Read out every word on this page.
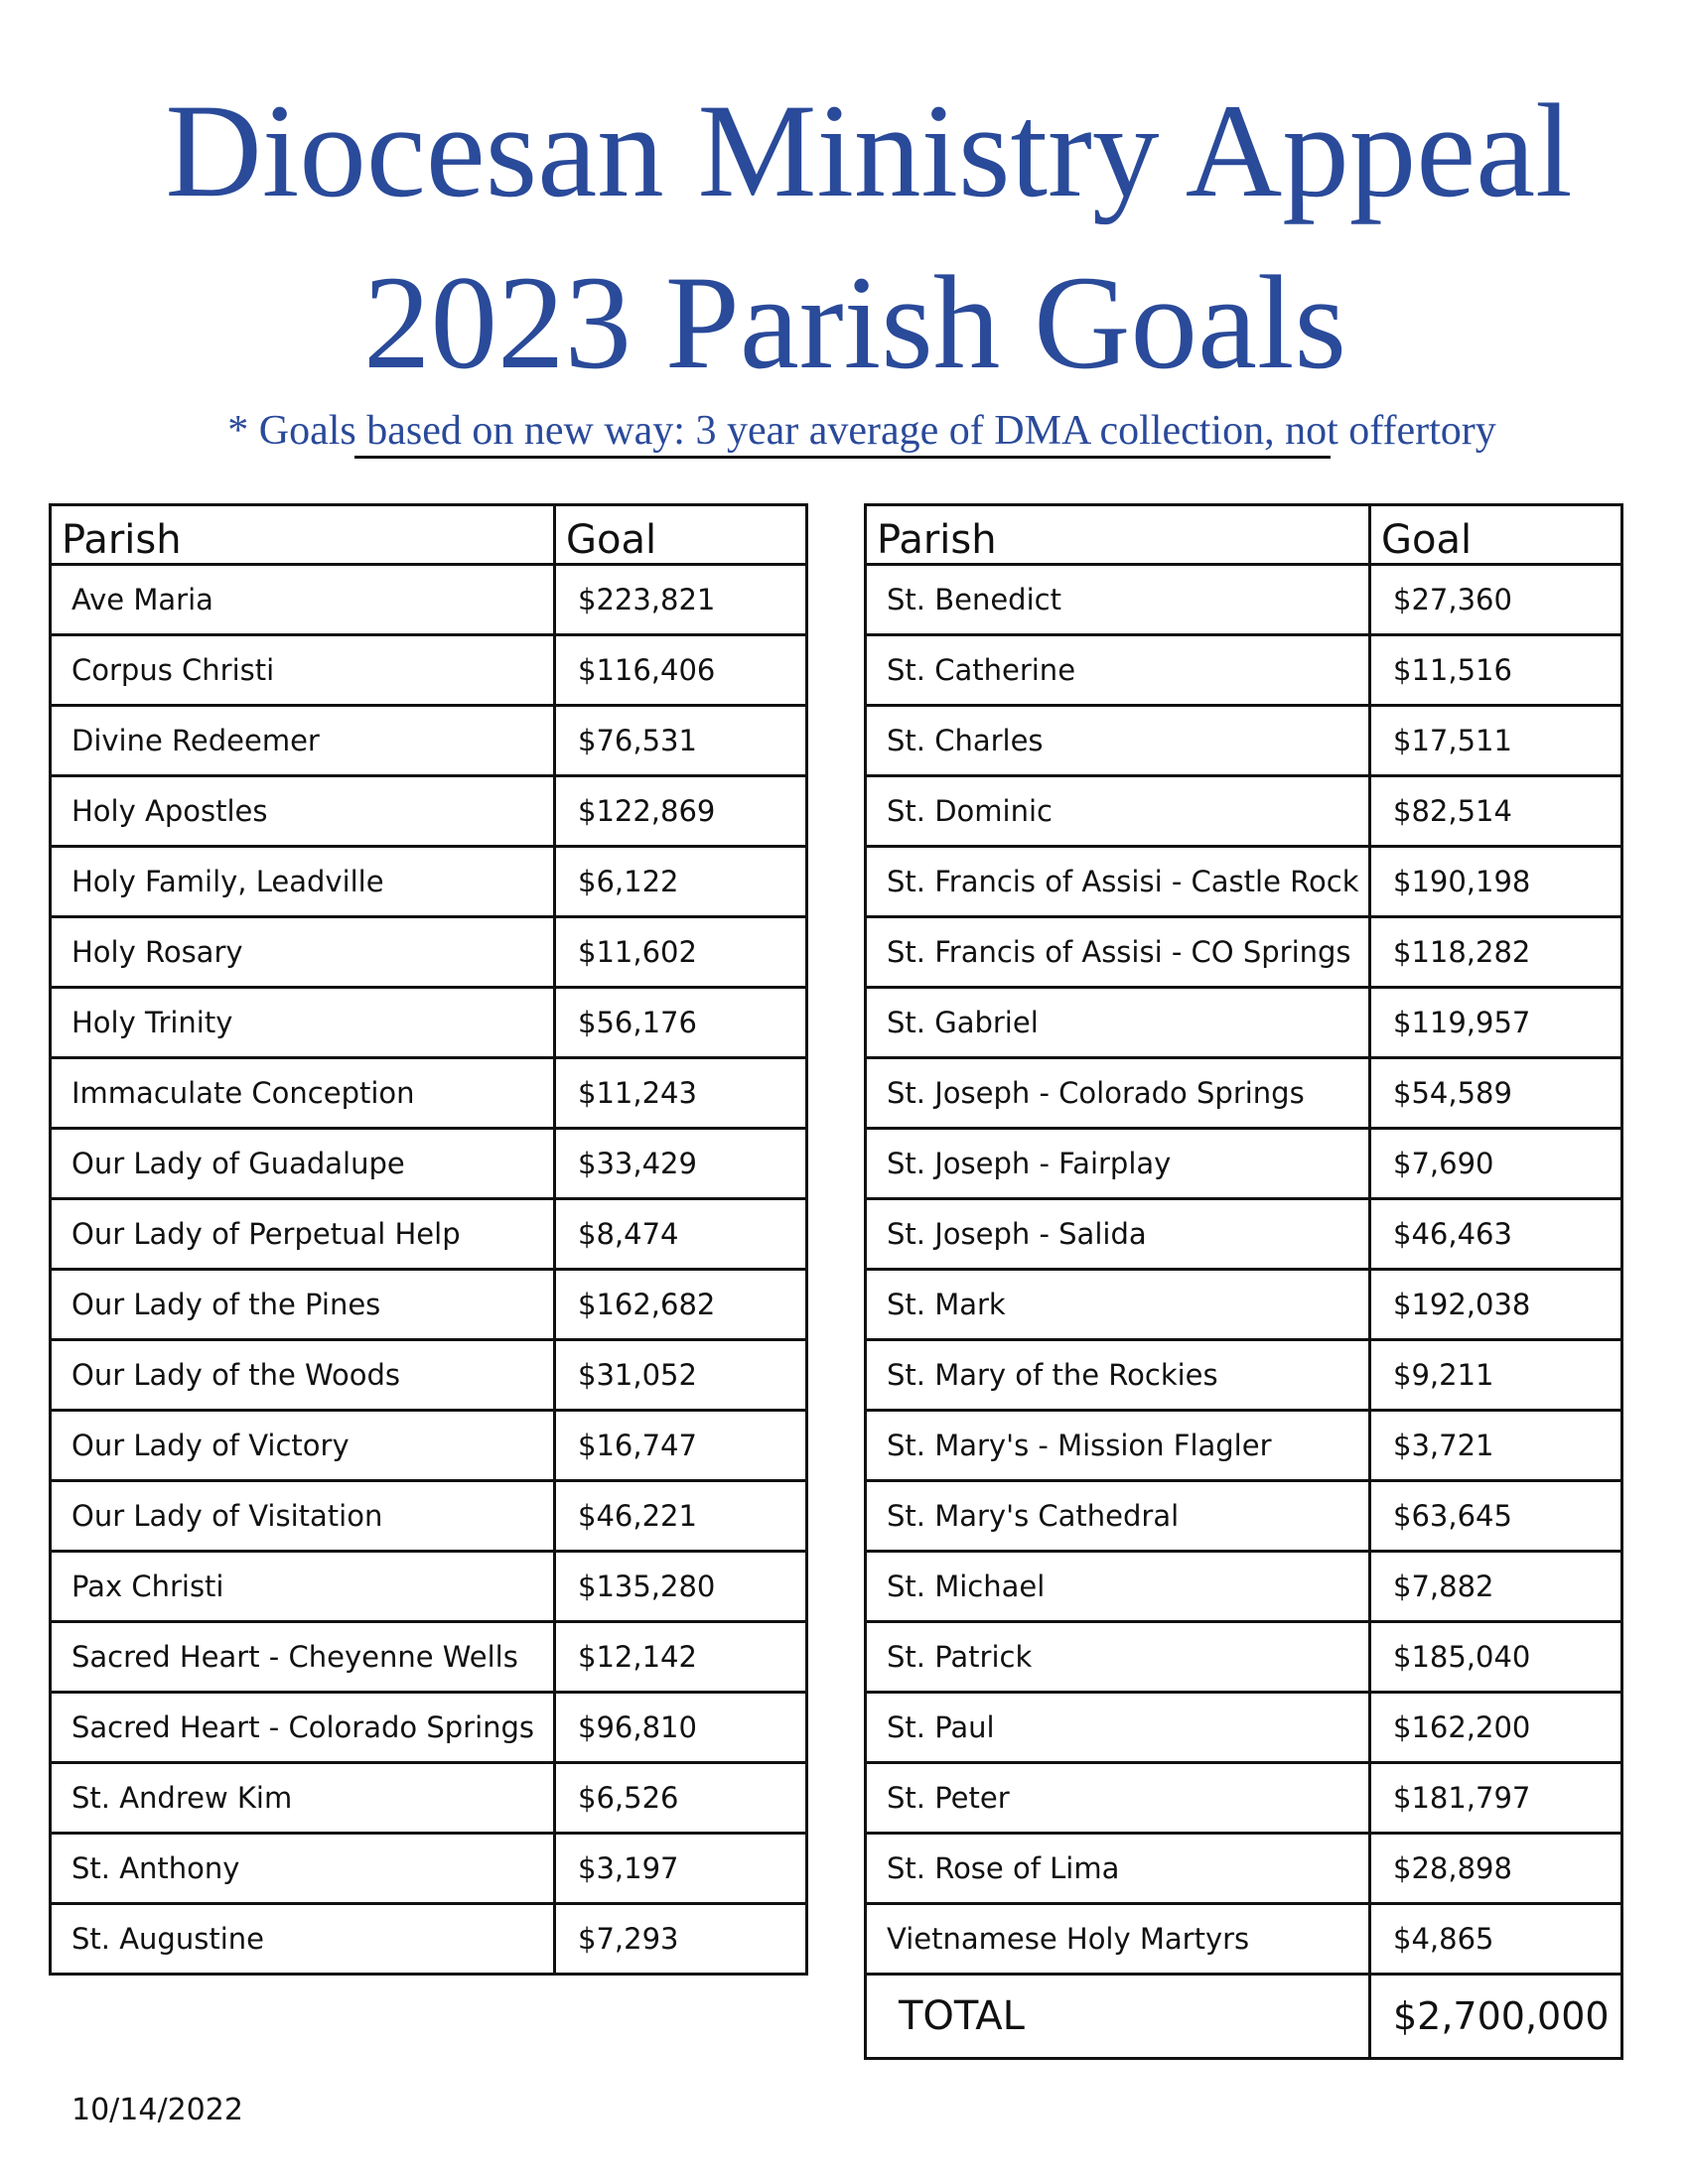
Diocesan Ministry Appeal
2023 Parish Goals
* Goals based on new way: 3 year average of DMA collection, not offertory
Parish	Goal
Ave Maria	$223,821
Corpus Christi	$116,406
Divine Redeemer	$76,531
Holy Apostles	$122,869
Holy Family, Leadville	$6,122
Holy Rosary	$11,602
Holy Trinity	$56,176
Immaculate Conception	$11,243
Our Lady of Guadalupe	$33,429
Our Lady of Perpetual Help	$8,474
Our Lady of the Pines	$162,682
Our Lady of the Woods	$31,052
Our Lady of Victory	$16,747
Our Lady of Visitation	$46,221
Pax Christi	$135,280
Sacred Heart - Cheyenne Wells	$12,142
Sacred Heart - Colorado Springs	$96,810
St. Andrew Kim	$6,526
St. Anthony	$3,197
St. Augustine	$7,293
Parish	Goal
St. Benedict	$27,360
St. Catherine	$11,516
St. Charles	$17,511
St. Dominic	$82,514
St. Francis of Assisi - Castle Rock	$190,198
St. Francis of Assisi - CO Springs	$118,282
St. Gabriel	$119,957
St. Joseph - Colorado Springs	$54,589
St. Joseph - Fairplay	$7,690
St. Joseph - Salida	$46,463
St. Mark	$192,038
St. Mary of the Rockies	$9,211
St. Mary's - Mission Flagler	$3,721
St. Mary's Cathedral	$63,645
St. Michael	$7,882
St. Patrick	$185,040
St. Paul	$162,200
St. Peter	$181,797
St. Rose of Lima	$28,898
Vietnamese Holy Martyrs	$4,865
TOTAL	$2,700,000
10/14/2022
